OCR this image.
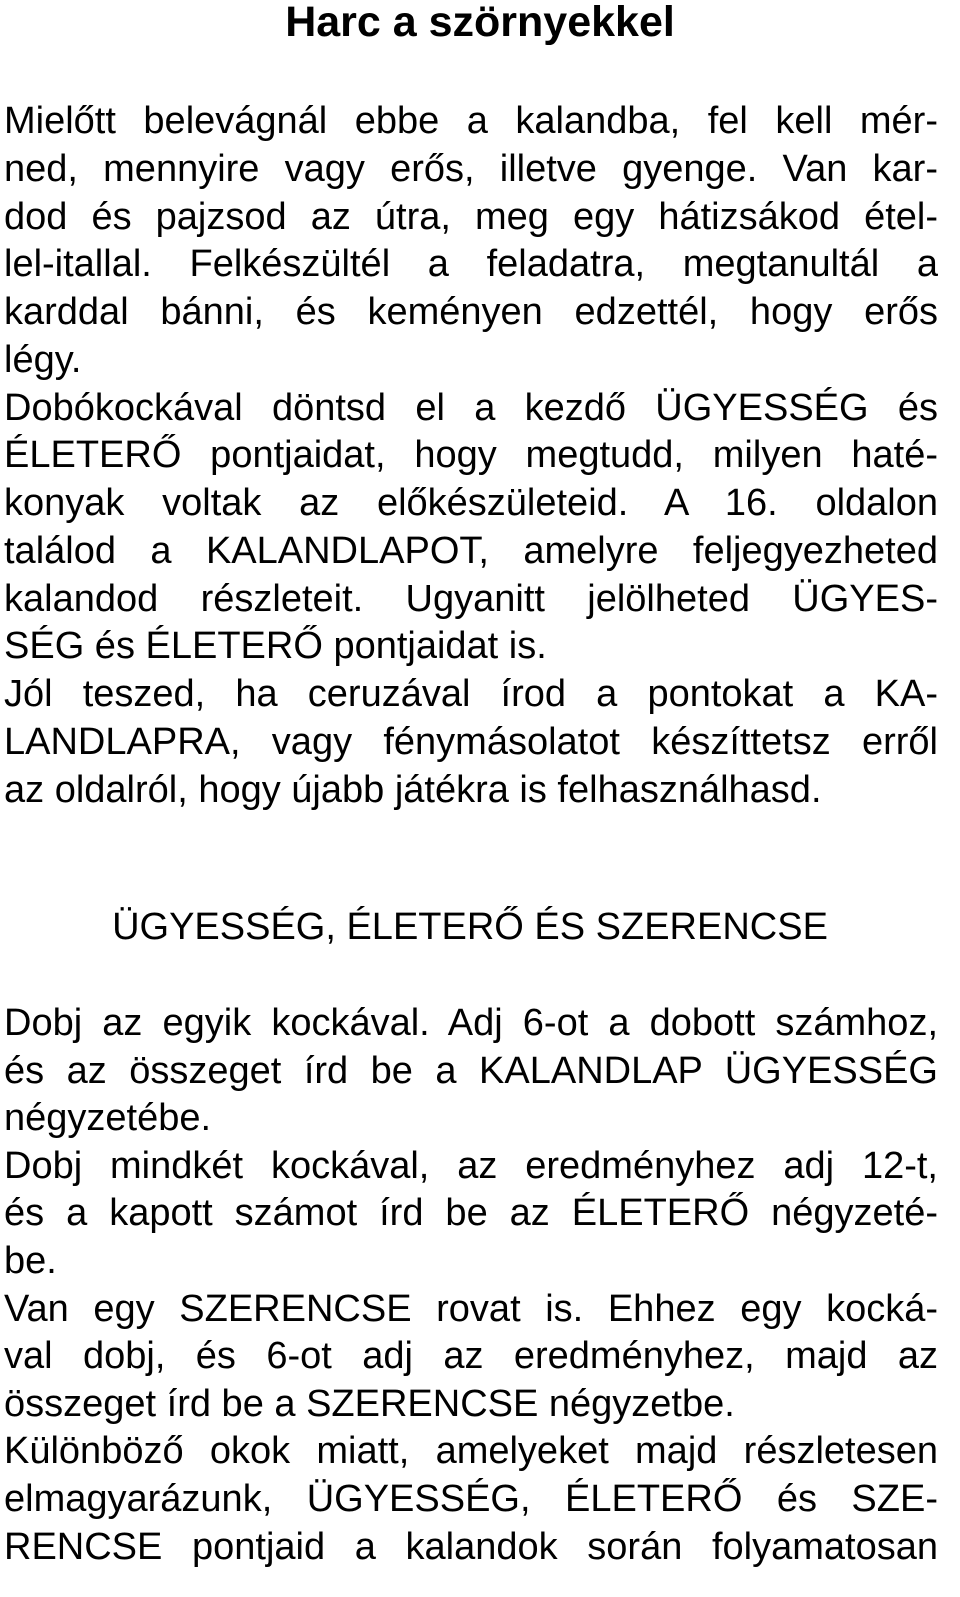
Harc a szörnyekkel
Mielőtt belevágnál ebbe a kalandba, fel kell mér-
ned, mennyire vagy erős, illetve gyenge. Van kar-
dod és pajzsod az útra, meg egy hátizsákod étel-
lel-itallal. Felkészültél a feladatra, megtanultál a
karddal bánni, és keményen edzettél, hogy erős
légy.
Dobókockával döntsd el a kezdő ÜGYESSÉG és
ÉLETERŐ pontjaidat, hogy megtudd, milyen haté-
konyak voltak az előkészületeid. A 16. oldalon
találod a KALANDLAPOT, amelyre feljegyezheted
kalandod részleteit. Ugyanitt jelölheted ÜGYES-
SÉG és ÉLETERŐ pontjaidat is.
Jól teszed, ha ceruzával írod a pontokat a KA-
LANDLAPRA, vagy fénymásolatot készíttetsz erről
az oldalról, hogy újabb játékra is felhasználhasd.
ÜGYESSÉG, ÉLETERŐ ÉS SZERENCSE
Dobj az egyik kockával. Adj 6-ot a dobott számhoz,
és az összeget írd be a KALANDLAP ÜGYESSÉG
négyzetébe.
Dobj mindkét kockával, az eredményhez adj 12-t,
és a kapott számot írd be az ÉLETERŐ négyzeté-
be.
Van egy SZERENCSE rovat is. Ehhez egy kocká-
val dobj, és 6-ot adj az eredményhez, majd az
összeget írd be a SZERENCSE négyzetbe.
Különböző okok miatt, amelyeket majd részletesen
elmagyarázunk, ÜGYESSÉG, ÉLETERŐ és SZE-
RENCSE pontjaid a kalandok során folyamatosan
